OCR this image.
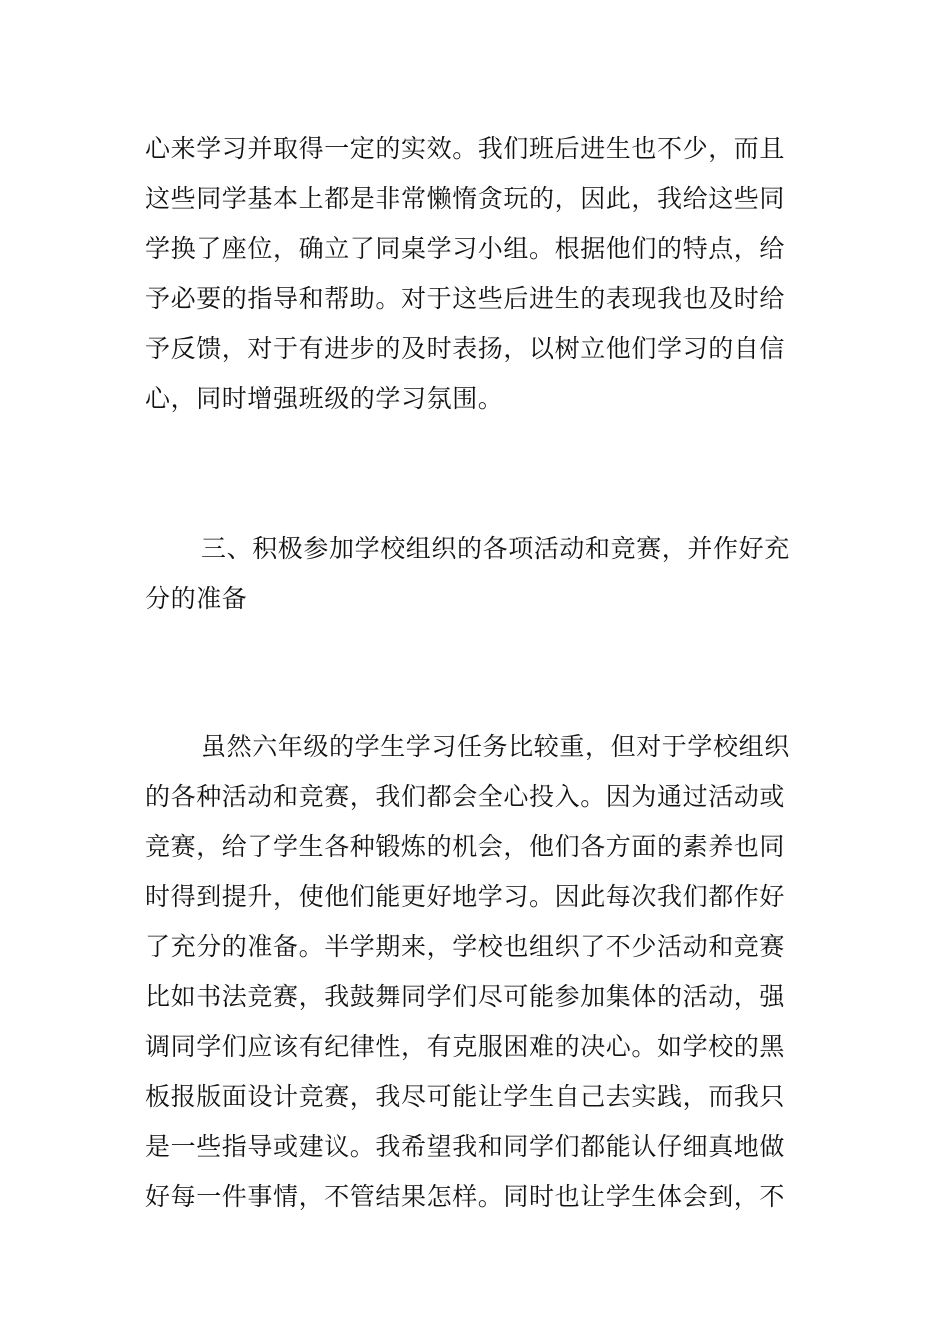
心来学习并取得一定的实效。我们班后进生也不少，而且
这些同学基本上都是非常懒惰贪玩的，因此，我给这些同
学换了座位，确立了同桌学习小组。根据他们的特点，给
予必要的指导和帮助。对于这些后进生的表现我也及时给
予反馈，对于有进步的及时表扬，以树立他们学习的自信
心，同时增强班级的学习氛围。
三、积极参加学校组织的各项活动和竞赛，并作好充
分的准备
虽然六年级的学生学习任务比较重，但对于学校组织
的各种活动和竞赛，我们都会全心投入。因为通过活动或
竞赛，给了学生各种锻炼的机会，他们各方面的素养也同
时得到提升，使他们能更好地学习。因此每次我们都作好
了充分的准备。半学期来，学校也组织了不少活动和竞赛
比如书法竞赛，我鼓舞同学们尽可能参加集体的活动，强
调同学们应该有纪律性，有克服困难的决心。如学校的黑
板报版面设计竞赛，我尽可能让学生自己去实践，而我只
是一些指导或建议。我希望我和同学们都能认仔细真地做
好每一件事情，不管结果怎样。同时也让学生体会到，不
